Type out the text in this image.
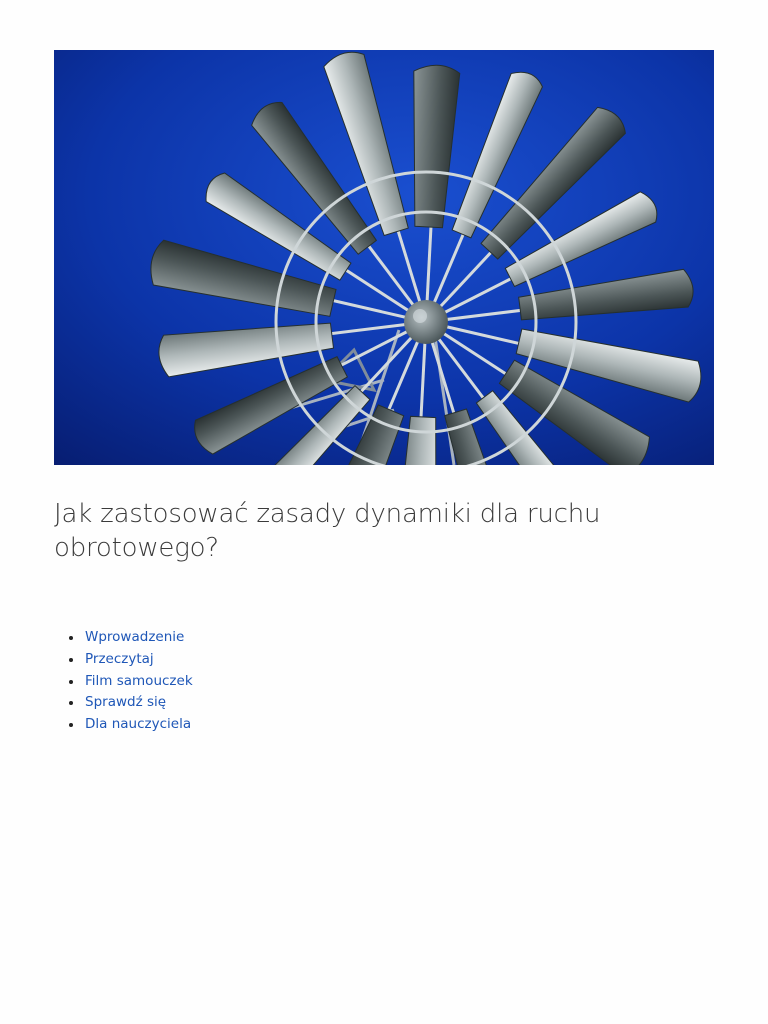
Jak zastosować zasady dynamiki dla ruchu obrotowego?
Wprowadzenie
Przeczytaj
Film samouczek
Sprawdź się
Dla nauczyciela
